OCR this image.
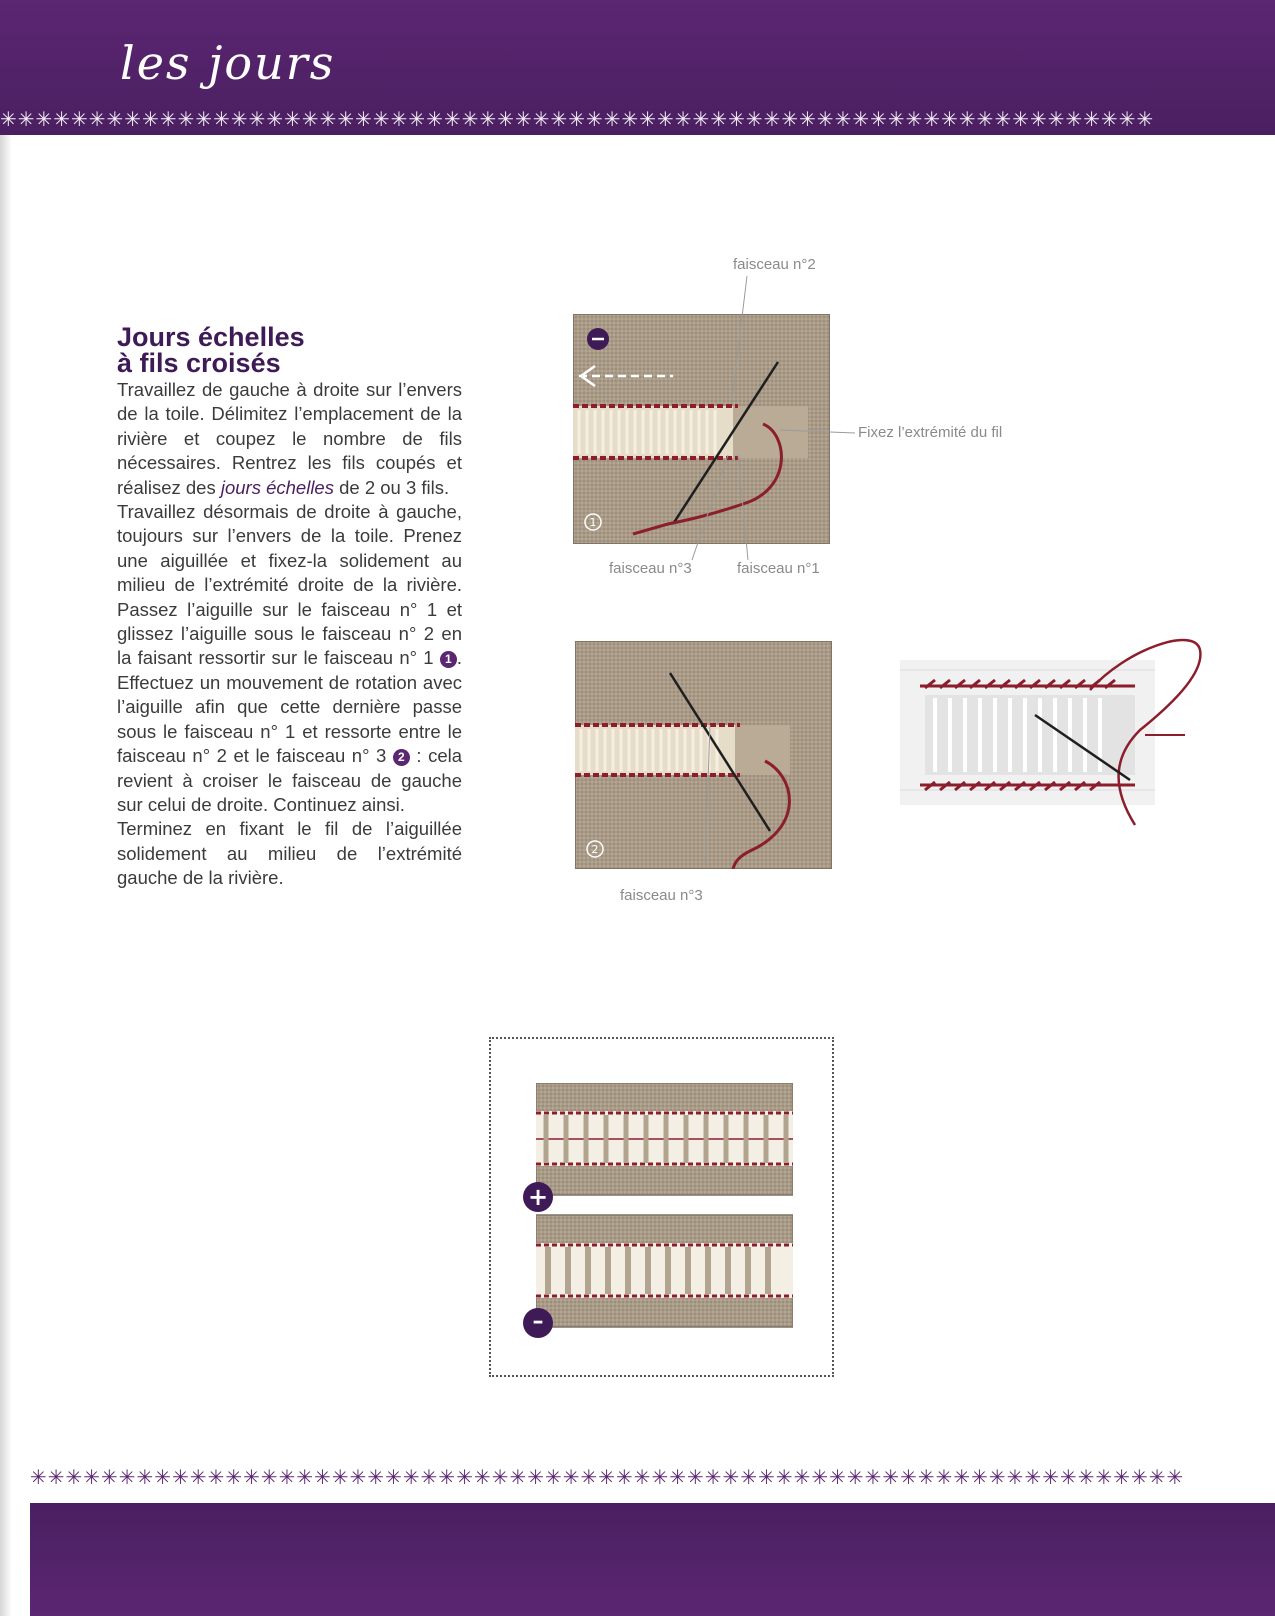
les jours
✳✳✳✳✳✳✳✳✳✳✳✳✳✳✳✳✳✳✳✳✳✳✳✳✳✳✳✳✳✳✳✳✳✳✳✳✳✳✳✳✳✳✳✳✳✳✳✳✳✳✳✳✳✳✳✳✳✳✳✳✳✳✳✳✳
✳✳✳✳✳✳✳✳✳✳✳✳✳✳✳✳✳✳✳✳✳✳✳✳✳✳✳✳✳✳✳✳✳✳✳✳✳✳✳✳✳✳✳✳✳✳✳✳✳✳✳✳✳✳✳✳✳✳✳✳✳✳✳✳✳
Jours échelles
à fils croisés

Travaillez de gauche à droite sur l’envers de la toile. Délimitez l’emplacement de la rivière et coupez le nombre de fils nécessaires. Rentrez les fils coupés et réalisez des jours échelles de 2 ou 3 fils.

Travaillez désormais de droite à gauche, toujours sur l’envers de la toile. Prenez une aiguillée et fixez-la solidement au milieu de l’extrémité droite de la rivière. Passez l’aiguille sur le faisceau n° 1 et glissez l’aiguille sous le faisceau n° 2 en la faisant ressortir sur le faisceau n° 1 1 . Effectuez un mouvement de rotation avec l’aiguille afin que cette dernière passe sous le faisceau n° 1 et ressorte entre le faisceau n° 2 et le faisceau n° 3 2 : cela revient à croiser le faisceau de gauche sur celui de droite. Continuez ainsi.

Terminez en fixant le fil de l’aiguillée solidement au milieu de l’extrémité gauche de la rivière.

faisceau n°2
Fixez l’extrémité du fil
faisceau n°3	faisceau n°1
faisceau n°3
1
2
+
–
